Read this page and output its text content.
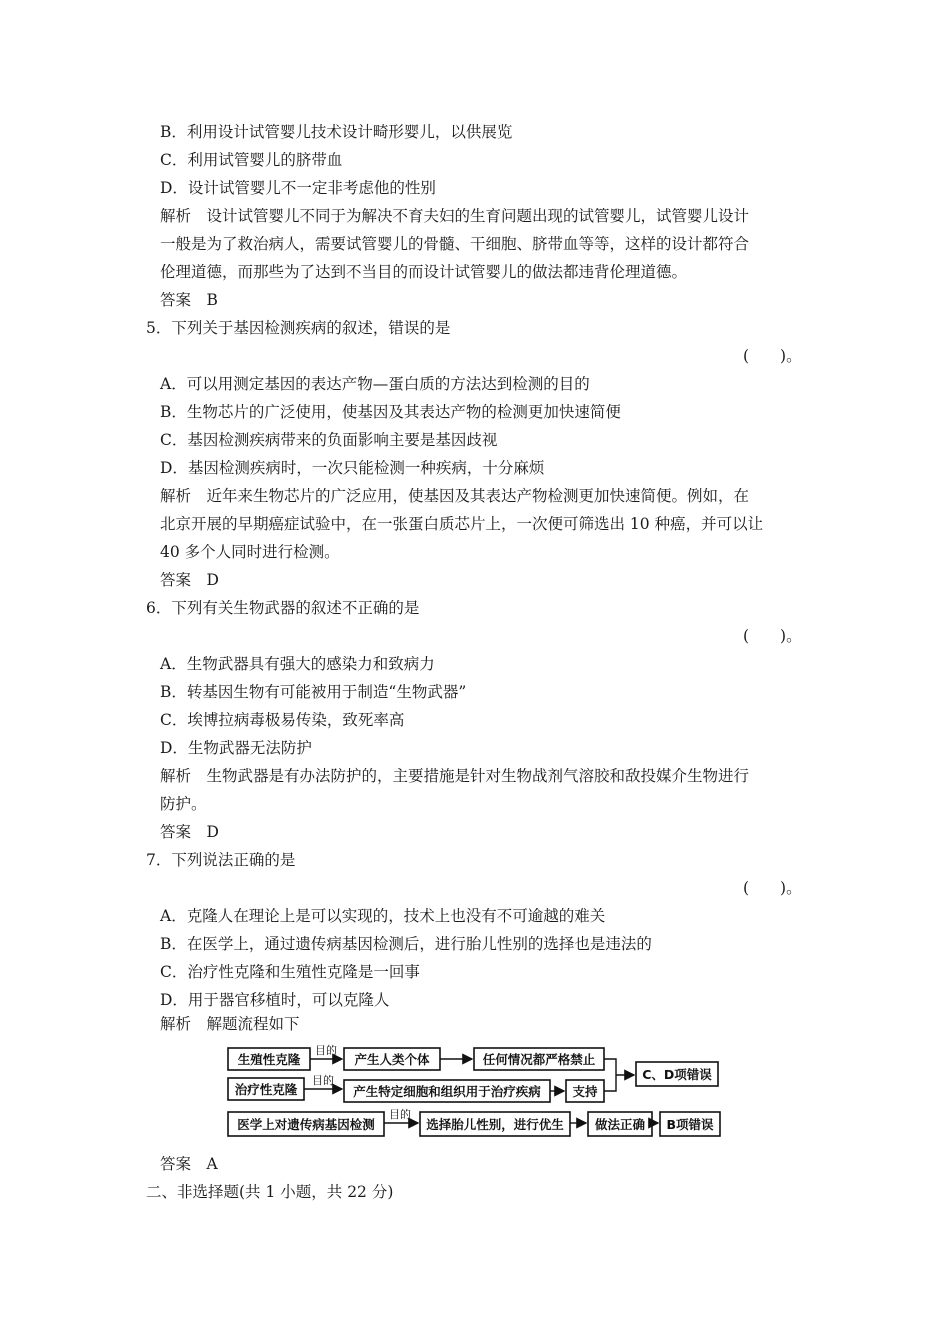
B．利用设计试管婴儿技术设计畸形婴儿，以供展览
C．利用试管婴儿的脐带血
D．设计试管婴儿不一定非考虑他的性别
解析　设计试管婴儿不同于为解决不育夫妇的生育问题出现的试管婴儿，试管婴儿设计
一般是为了救治病人，需要试管婴儿的骨髓、干细胞、脐带血等等，这样的设计都符合
伦理道德，而那些为了达到不当目的而设计试管婴儿的做法都违背伦理道德。
答案　B
5．下列关于基因检测疾病的叙述，错误的是
(　　)。
A．可以用测定基因的表达产物—蛋白质的方法达到检测的目的
B．生物芯片的广泛使用，使基因及其表达产物的检测更加快速简便
C．基因检测疾病带来的负面影响主要是基因歧视
D．基因检测疾病时，一次只能检测一种疾病，十分麻烦
解析　近年来生物芯片的广泛应用，使基因及其表达产物检测更加快速简便。例如，在
北京开展的早期癌症试验中，在一张蛋白质芯片上，一次便可筛选出 10 种癌，并可以让
40 多个人同时进行检测。
答案　D
6．下列有关生物武器的叙述不正确的是
(　　)。
A．生物武器具有强大的感染力和致病力
B．转基因生物有可能被用于制造“生物武器”
C．埃博拉病毒极易传染，致死率高
D．生物武器无法防护
解析　生物武器是有办法防护的，主要措施是针对生物战剂气溶胶和敌投媒介生物进行
防护。
答案　D
7．下列说法正确的是
(　　)。
A．克隆人在理论上是可以实现的，技术上也没有不可逾越的难关
B．在医学上，通过遗传病基因检测后，进行胎儿性别的选择也是违法的
C．治疗性克隆和生殖性克隆是一回事
D．用于器官移植时，可以克隆人
解析　解题流程如下
生殖性克隆
目的
产生人类个体	任何情况都严格禁止
治疗性克隆
目的
产生特定细胞和组织用于治疗疾病	支持
C、D项错误
医学上对遗传病基因检测
目的
选择胎儿性别，进行优生 做法正确 B项错误
答案　A
二、非选择题(共 1 小题，共 22 分)
